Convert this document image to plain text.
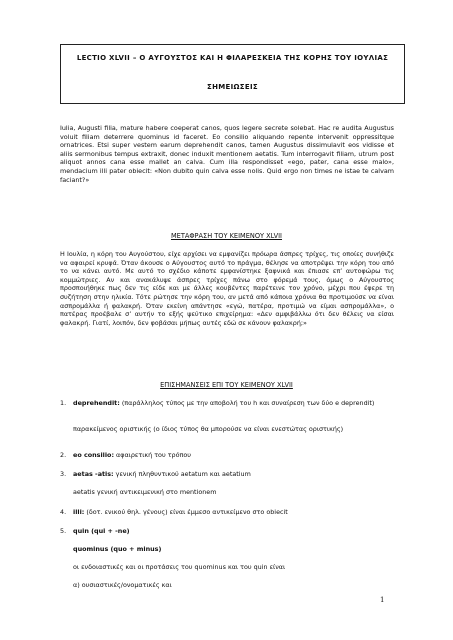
LECTIO XLVII – Ο ΑΥΓΟΥΣΤΟΣ ΚΑΙ Η ΦΙΛΑΡΕΣΚΕΙΑ ΤΗΣ ΚΟΡΗΣ ΤΟΥ ΙΟΥΛΙΑΣ
ΣΗΜΕΙΩΣΕΙΣ
Iulia, Augusti filia, mature habere coeperat canos, quos legere secrete solebat. Hac re audita Augustus voluit filiam deterrere quominus id faceret. Eo consilio aliquando repente intervenit oppressitque ornatrices. Etsi super vestem earum deprehendit canos, tamen Augustus dissimulavit eos vidisse et aliis sermonibus tempus extraxit, donec induxit mentionem aetatis. Tum interrogavit filiam, utrum post aliquot annos cana esse mallet an calva. Cum illa respondisset «ego, pater, cana esse malo», mendacium illi pater obiecit: «Non dubito quin calva esse nolis. Quid ergo non times ne istae te calvam faciant?»
ΜΕΤΑΦΡΑΣΗ ΤΟΥ ΚΕΙΜΕΝΟΥ XLVII
Η Ιουλία, η κόρη του Αυγούστου, είχε αρχίσει να εμφανίζει πρόωρα άσπρες τρίχες, τις οποίες συνήθιζε να αφαιρεί κρυφά. Όταν άκουσε ο Αύγουστος αυτό το πράγμα, θέλησε να αποτρέψει την κόρη του από το να κάνει αυτό. Με αυτό το σχέδιο κάποτε εμφανίστηκε ξαφνικά και έπιασε επ’ αυτοφώρω τις κομμώτριες. Αν και ανακάλυψε άσπρες τρίχες πάνω στο φόρεμά τους, όμως ο Αύγουστος προσποιήθηκε πως δεν τις είδε και με άλλες κουβέντες παρέτεινε τον χρόνο, μέχρι που έφερε τη συζήτηση στην ηλικία. Τότε ρώτησε την κόρη του, αν μετά από κάποια χρόνια θα προτιμούσε να είναι ασπρομάλλα ή φαλακρή. Όταν εκείνη απάντησε «εγώ, πατέρα, προτιμώ να είμαι ασπρομάλλα», ο πατέρας προέβαλε σ’ αυτήν το εξής ψεύτικο επιχείρημα: «Δεν αμφιβάλλω ότι δεν θέλεις να είσαι φαλακρή. Γιατί, λοιπόν, δεν φοβάσαι μήπως αυτές εδώ σε κάνουν φαλακρή;»
ΕΠΙΣΗΜΑΝΣΕΙΣ ΕΠΙ ΤΟΥ ΚΕΙΜΕΝΟΥ XLVII
1. deprehendit: (παράλληλος τύπος με την αποβολή του h και συναίρεση των δύο e deprendit)
παρακείμενος οριστικής (ο ίδιος τύπος θα μπορούσε να είναι ενεστώτας οριστικής)
2. eo consilio: αφαιρετική του τρόπου
3. aetas -atis: γενική πληθυντικού aetatum και aetatium
aetatis γενική αντικειμενική στο mentionem
4. illi: (δοτ. ενικού θηλ. γένους) είναι έμμεσο αντικείμενο στο obiecit
5. quin (qui + -ne)
quominus (quo + minus)
οι ενδοιαστικές και οι προτάσεις του quominus και του quin είναι
α) ουσιαστικές/ονοματικές και
1
